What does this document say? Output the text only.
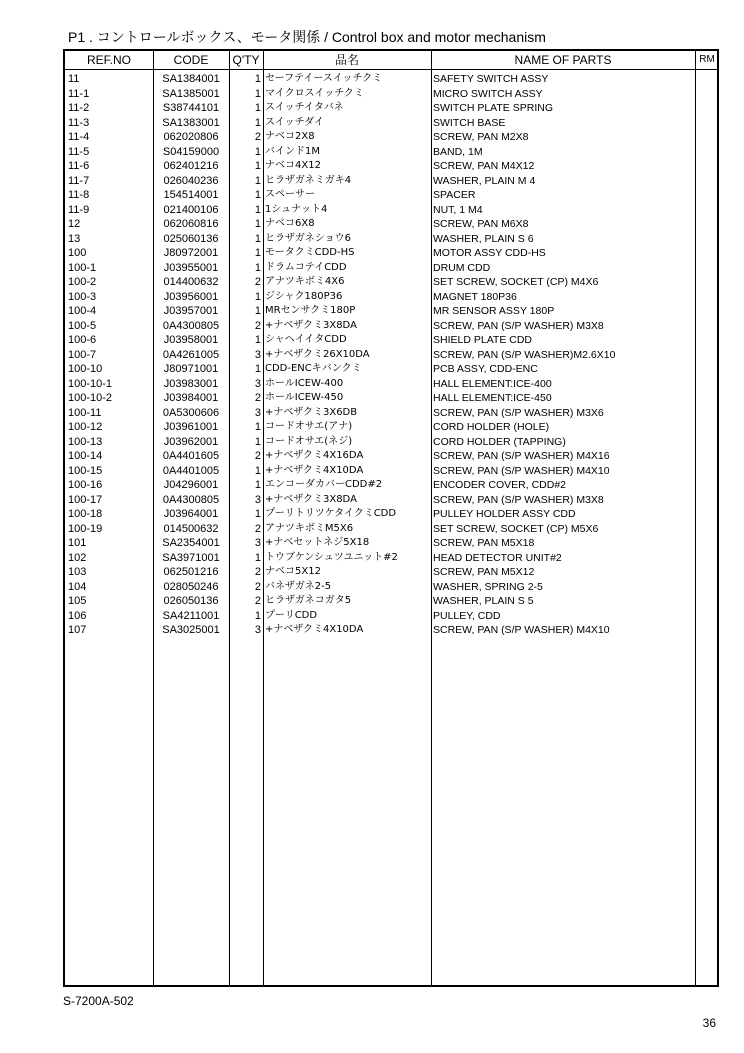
P1 . コントロールボックス、モータ関係 / Control box and motor mechanism
REF.NO	CODE	Q'TY	品名	NAME OF PARTS	RM
11	SA1384001	1 セーフテイースイッチクミ	SAFETY SWITCH ASSY
11-1	SA1385001	1 マイクロスイッチクミ	MICRO SWITCH ASSY
11-2	S38744101	1 スイッチイタバネ	SWITCH PLATE SPRING
11-3	SA1383001	1 スイッチダイ	SWITCH BASE
11-4	062020806	2 ナベコ2X8	SCREW, PAN M2X8
11-5	S04159000	1 バインド1M	BAND, 1M
11-6	062401216	1 ナベコ4X12	SCREW, PAN M4X12
11-7	026040236	1 ヒラザガネミガキ4	WASHER, PLAIN M 4
11-8	154514001	1 スペーサー	SPACER
11-9	021400106	1 1シュナット4	NUT, 1 M4
12	062060816	1 ナベコ6X8	SCREW, PAN M6X8
13	025060136	1 ヒラザガネショウ6	WASHER, PLAIN S 6
100	J80972001	1 モータクミCDD-HS	MOTOR ASSY CDD-HS
100-1	J03955001	1 ドラムコテイCDD	DRUM CDD
100-2	014400632	2 アナツキボミ4X6	SET SCREW, SOCKET (CP) M4X6
100-3	J03956001	1 ジシャク180P36	MAGNET 180P36
100-4	J03957001	1 MRセンサクミ180P	MR SENSOR ASSY 180P
100-5	0A4300805	2 +ナベザクミ3X8DA	SCREW, PAN (S/P WASHER) M3X8
100-6	J03958001	1 シャヘイイタCDD	SHIELD PLATE CDD
100-7	0A4261005	3 +ナベザクミ26X10DA	SCREW, PAN (S/P WASHER)M2.6X10
100-10	J80971001	1 CDD-ENCキバンクミ	PCB ASSY, CDD-ENC
100-10-1	J03983001	3 ホールICEW-400	HALL ELEMENT:ICE-400
100-10-2	J03984001	2 ホールICEW-450	HALL ELEMENT:ICE-450
100-11	0A5300606	3 +ナベザクミ3X6DB	SCREW, PAN (S/P WASHER) M3X6
100-12	J03961001	1 コードオサエ(アナ)	CORD HOLDER (HOLE)
100-13	J03962001	1 コードオサエ(ネジ)	CORD HOLDER (TAPPING)
100-14	0A4401605	2 +ナベザクミ4X16DA	SCREW, PAN (S/P WASHER) M4X16
100-15	0A4401005	1 +ナベザクミ4X10DA	SCREW, PAN (S/P WASHER) M4X10
100-16	J04296001	1 エンコーダカバーCDD#2	ENCODER COVER, CDD#2
100-17	0A4300805	3 +ナベザクミ3X8DA	SCREW, PAN (S/P WASHER) M3X8
100-18	J03964001	1 プーリトリツケタイクミCDD	PULLEY HOLDER ASSY CDD
100-19	014500632	2 アナツキボミM5X6	SET SCREW, SOCKET (CP) M5X6
101	SA2354001	3 +ナベセットネジ5X18	SCREW, PAN M5X18
102	SA3971001	1 トウブケンシュツユニット#2	HEAD DETECTOR UNIT#2
103	062501216	2 ナベコ5X12	SCREW, PAN M5X12
104	028050246	2 バネザガネ2-5	WASHER, SPRING 2-5
105	026050136	2 ヒラザガネコガタ5	WASHER, PLAIN S 5
106	SA4211001	1 プーリCDD	PULLEY, CDD
107	SA3025001	3 +ナベザクミ4X10DA	SCREW, PAN (S/P WASHER) M4X10
S-7200A-502
36
